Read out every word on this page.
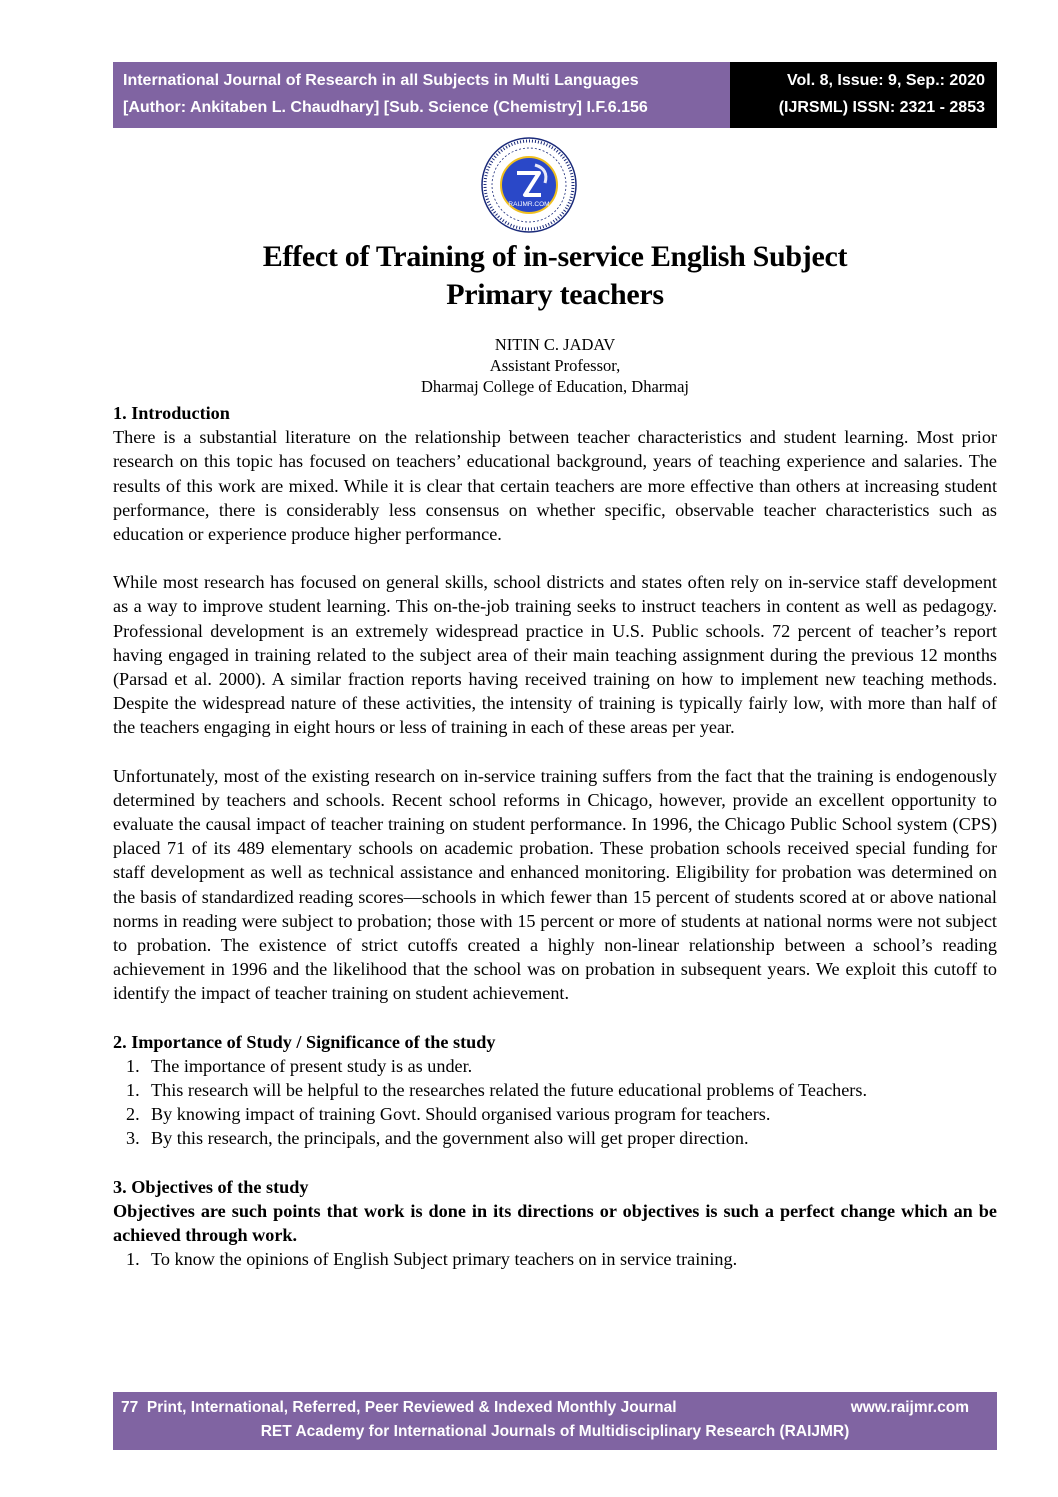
International Journal of Research in all Subjects in Multi Languages
[Author: Ankitaben L. Chaudhary] [Sub. Science (Chemistry] I.F.6.156
Vol. 8, Issue: 9, Sep.: 2020
(IJRSML) ISSN: 2321 - 2853
RAIJMR.COM
Effect of Training of in-service English Subject
Primary teachers
NITIN C. JADAV
Assistant Professor,
Dharmaj College of Education, Dharmaj

1. Introduction

There is a substantial literature on the relationship between teacher characteristics and student learning. Most prior research on this topic has focused on teachers’ educational background, years of teaching experience and salaries. The results of this work are mixed. While it is clear that certain teachers are more effective than others at increasing student performance, there is considerably less consensus on whether specific, observable teacher characteristics such as education or experience produce higher performance.

While most research has focused on general skills, school districts and states often rely on in-service staff development as a way to improve student learning. This on-the-job training seeks to instruct teachers in content as well as pedagogy. Professional development is an extremely widespread practice in U.S. Public schools. 72 percent of teacher’s report having engaged in training related to the subject area of their main teaching assignment during the previous 12 months (Parsad et al. 2000). A similar fraction reports having received training on how to implement new teaching methods. Despite the widespread nature of these activities, the intensity of training is typically fairly low, with more than half of the teachers engaging in eight hours or less of training in each of these areas per year.

Unfortunately, most of the existing research on in-service training suffers from the fact that the training is endogenously determined by teachers and schools. Recent school reforms in Chicago, however, provide an excellent opportunity to evaluate the causal impact of teacher training on student performance. In 1996, the Chicago Public School system (CPS) placed 71 of its 489 elementary schools on academic probation. These probation schools received special funding for staff development as well as technical assistance and enhanced monitoring. Eligibility for probation was determined on the basis of standardized reading scores—schools in which fewer than 15 percent of students scored at or above national norms in reading were subject to probation; those with 15 percent or more of students at national norms were not subject to probation. The existence of strict cutoffs created a highly non-linear relationship between a school’s reading achievement in 1996 and the likelihood that the school was on probation in subsequent years. We exploit this cutoff to identify the impact of teacher training on student achievement.

2. Importance of Study / Significance of the study

1. The importance of present study is as under.
1. This research will be helpful to the researches related the future educational problems of Teachers.
2. By knowing impact of training Govt. Should organised various program for teachers.
3. By this research, the principals, and the government also will get proper direction.

3. Objectives of the study

Objectives are such points that work is done in its directions or objectives is such a perfect change which an be achieved through work.

1. To know the opinions of English Subject primary teachers on in service training.
77 Print, International, Referred, Peer Reviewed & Indexed Monthly Journal	www.raijmr.com
RET Academy for International Journals of Multidisciplinary Research (RAIJMR)
